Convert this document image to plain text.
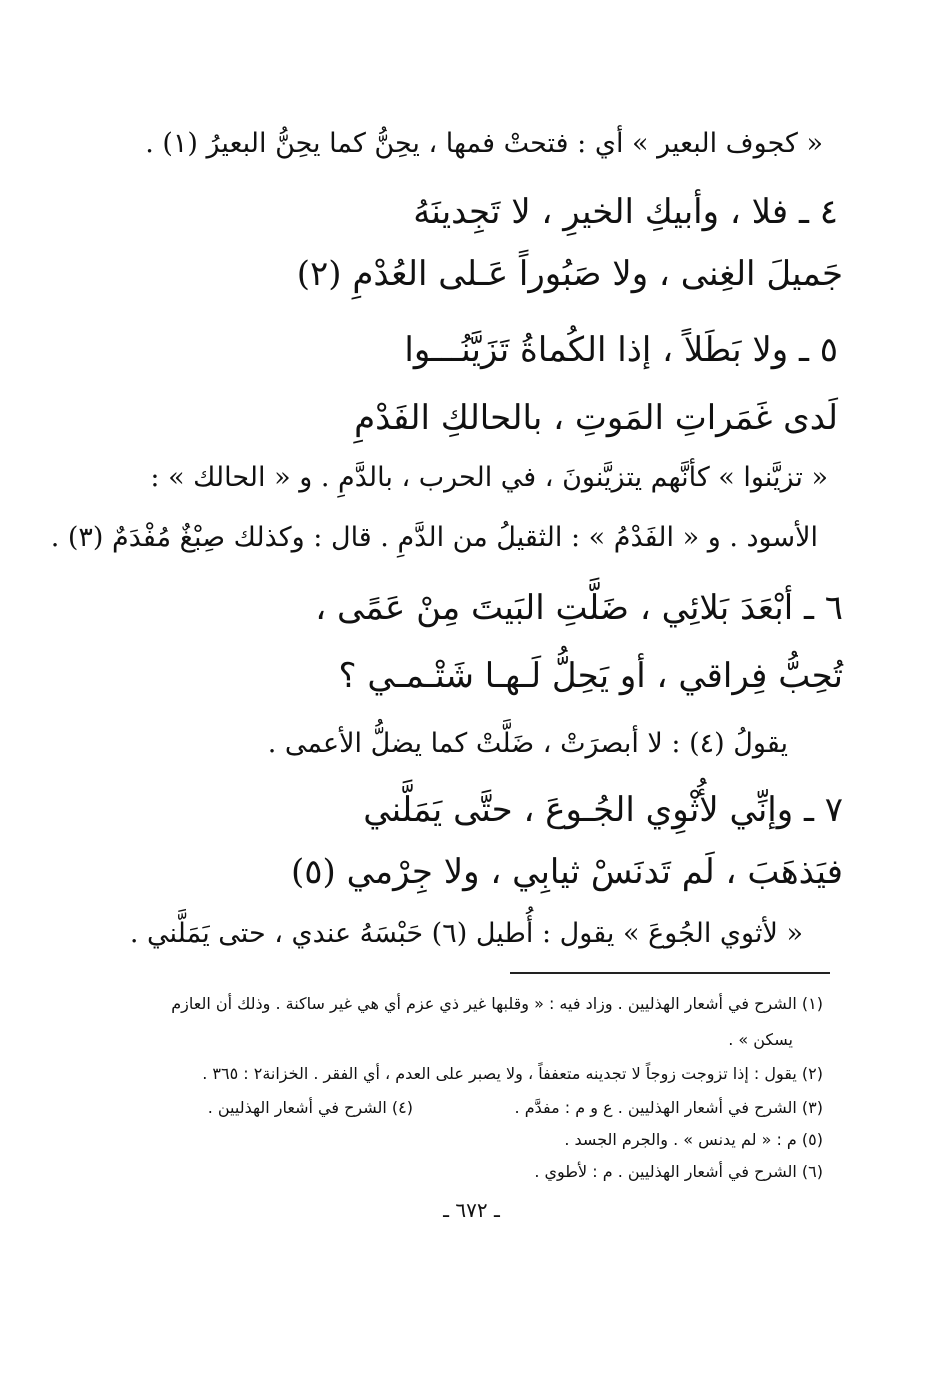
« كجوف البعير » أي : فتحتْ فمها ، يحِنُّ كما يحِنُّ البعيرُ (١) .
٤ ـ فلا ، وأبيكِ الخيرِ ، لا تَجِدينَهُ
جَميلَ الغِنى ، ولا صَبُوراً عَـلى العُدْمِ (٢)
٥ ـ ولا بَطَلاً ، إذا الكُماةُ تَزَيَّنُـــوا
لَدى غَمَراتِ المَوتِ ، بالحالكِ الفَدْمِ
« تزيَّنوا » كأنَّهم يتزيَّنونَ ، في الحرب ، بالدَّمِ . و « الحالك » :
الأسود . و « الفَدْمُ » : الثقيلُ من الدَّمِ . قال : وكذلك صِبْغٌ مُفْدَمٌ (٣) .
٦ ـ أبْعَدَ بَلائِي ، ضَلَّتِ البَيتَ مِنْ عَمًى ،
تُحِبُّ فِراقي ، أو يَحِلُّ لَـهـا شَتْـمـي ؟
يقولُ (٤) : لا أبصرَتْ ، ضَلَّتْ كما يضلُّ الأعمى .
٧ ـ وإنِّي لأُثْوِي الجُـوعَ ، حتَّى يَمَلَّني
فيَذهَبَ ، لَم تَدنَسْ ثيابِي ، ولا جِرْمي (٥)
« لأثوي الجُوعَ » يقول : أُطيل (٦) حَبْسَهُ عندي ، حتى يَمَلَّني .
(١) الشرح في أشعار الهذليين . وزاد فيه : « وقلبها غير ذي عزم أي هي غير ساكنة . وذلك أن العازم
يسكن » .
(٢) يقول : إذا تزوجت زوجاً لا تجدينه متعففاً ، ولا يصبر على العدم ، أي الفقر . الخزانة٢ : ٣٦٥ .
(٣) الشرح في أشعار الهذليين . ع و م : مفدَّم .
(٤) الشرح في أشعار الهذليين .
(٥) م : « لم يدنس » . والجرم الجسد .
(٦) الشرح في أشعار الهذليين . م : لأطوي .
ـ ٦٧٢ ـ
